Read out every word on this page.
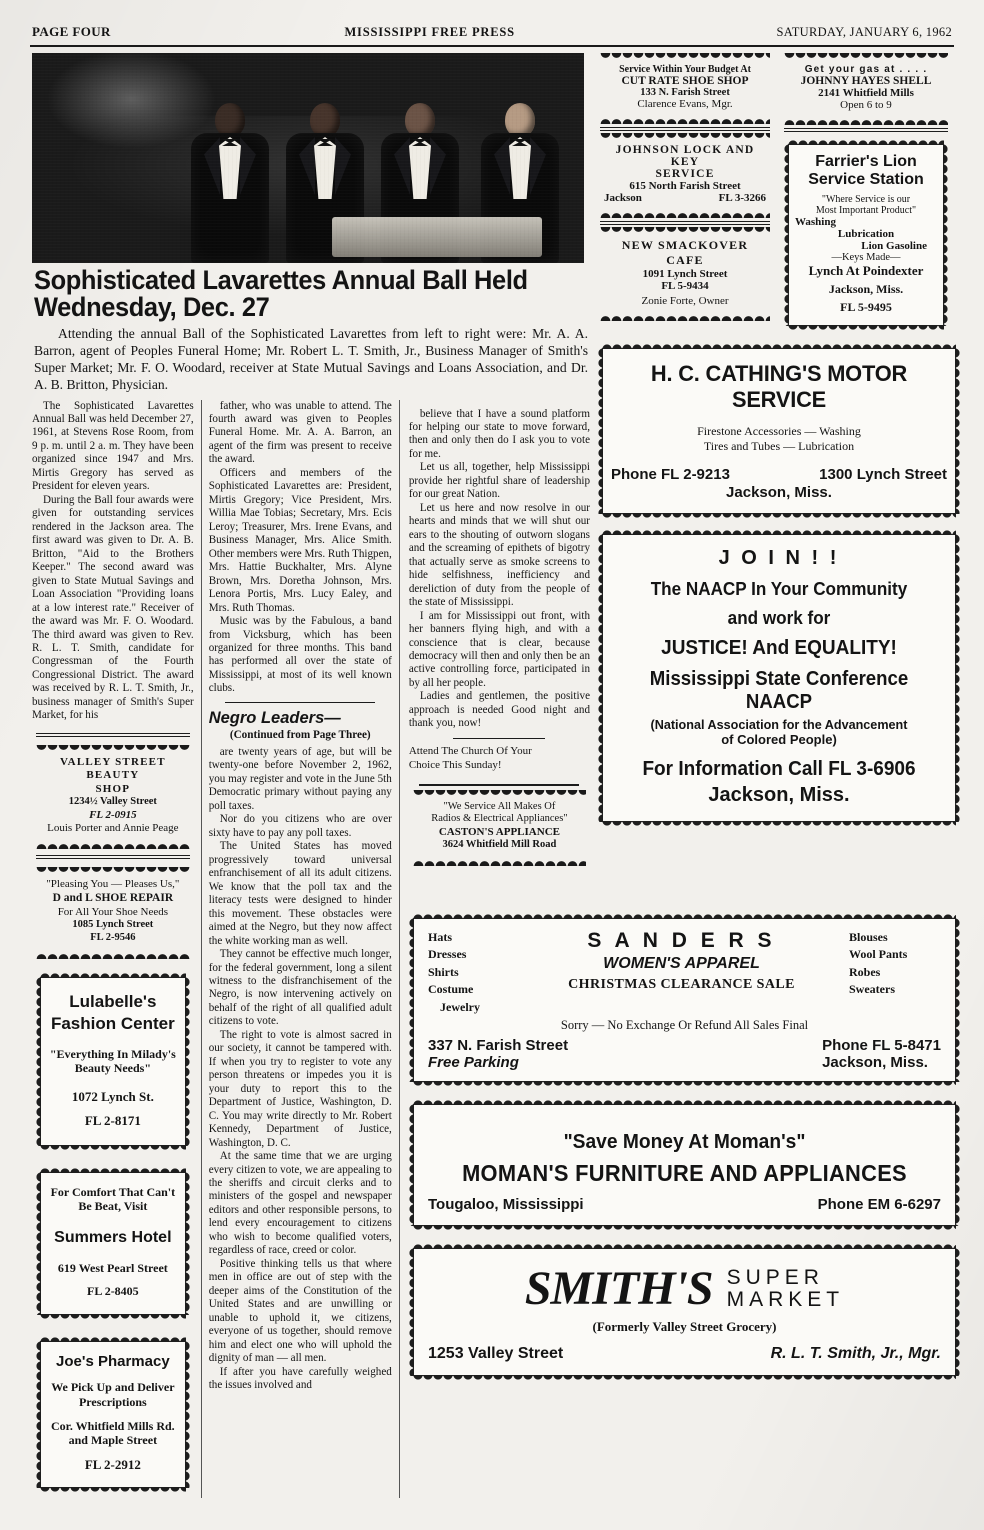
PAGE FOUR	MISSISSIPPI FREE PRESS	SATURDAY, JANUARY 6, 1962
Sophisticated Lavarettes Annual Ball Held Wednesday, Dec. 27
Attending the annual Ball of the Sophisticated Lavarettes from left to right were: Mr. A. A. Barron, agent of Peoples Funeral Home; Mr. Robert L. T. Smith, Jr., Business Manager of Smith's Super Market; Mr. F. O. Woodard, receiver at State Mutual Savings and Loans Association, and Dr. A. B. Britton, Physician.

The Sophisticated Lavarettes Annual Ball was held December 27, 1961, at Stevens Rose Room, from 9 p. m. until 2 a. m. They have been organized since 1947 and Mrs. Mirtis Gregory has served as President for eleven years.

During the Ball four awards were given for outstanding services rendered in the Jackson area. The first award was given to Dr. A. B. Britton, "Aid to the Brothers Keeper." The second award was given to State Mutual Savings and Loan Association "Providing loans at a low interest rate." Receiver of the award was Mr. F. O. Woodard. The third award was given to Rev. R. L. T. Smith, candidate for Congressman of the Fourth Congressional District. The award was received by R. L. T. Smith, Jr., business manager of Smith's Super Market, for his

VALLEY STREET BEAUTY
SHOP
1234½ Valley Street
FL 2-0915
Louis Porter and Annie Peage
"Pleasing You — Pleases Us,"
D and L SHOE REPAIR
For All Your Shoe Needs
1085 Lynch Street
FL 2-9546
Lulabelle's
Fashion Center
"Everything In Milady's
Beauty Needs"
1072 Lynch St.
FL 2-8171
For Comfort That Can't
Be Beat, Visit
Summers Hotel
619 West Pearl Street
FL 2-8405
Joe's Pharmacy
We Pick Up and Deliver
Prescriptions
Cor. Whitfield Mills Rd.
and Maple Street
FL 2-2912

father, who was unable to attend. The fourth award was given to Peoples Funeral Home. Mr. A. A. Barron, an agent of the firm was present to receive the award.

Officers and members of the Sophisticated Lavarettes are: President, Mirtis Gregory; Vice President, Mrs. Willia Mae Tobias; Secretary, Mrs. Ecis Leroy; Treasurer, Mrs. Irene Evans, and Business Manager, Mrs. Alice Smith. Other members were Mrs. Ruth Thigpen, Mrs. Hattie Buckhalter, Mrs. Alyne Brown, Mrs. Doretha Johnson, Mrs. Lenora Portis, Mrs. Lucy Ealey, and Mrs. Ruth Thomas.

Music was by the Fabulous, a band from Vicksburg, which has been organized for three months. This band has performed all over the state of Mississippi, at most of its well known clubs.

Negro Leaders—
(Continued from Page Three)

are twenty years of age, but will be twenty-one before November 2, 1962, you may register and vote in the June 5th Democratic primary without paying any poll taxes.

Nor do you citizens who are over sixty have to pay any poll taxes.

The United States has moved progressively toward universal enfranchisement of all its adult citizens. We know that the poll tax and the literacy tests were designed to hinder this movement. These obstacles were aimed at the Negro, but they now affect the white working man as well.

They cannot be effective much longer, for the federal government, long a silent witness to the disfranchisement of the Negro, is now intervening actively on behalf of the right of all qualified adult citizens to vote.

The right to vote is almost sacred in our society, it cannot be tampered with. If when you try to register to vote any person threatens or impedes you it is your duty to report this to the Department of Justice, Washington, D. C. You may write directly to Mr. Robert Kennedy, Department of Justice, Washington, D. C.

At the same time that we are urging every citizen to vote, we are appealing to the sheriffs and circuit clerks and to ministers of the gospel and newspaper editors and other responsible persons, to lend every encouragement to citizens who wish to become qualified voters, regardless of race, creed or color.

Positive thinking tells us that where men in office are out of step with the deeper aims of the Constitution of the United States and are unwilling or unable to uphold it, we citizens, everyone of us together, should remove him and elect one who will uphold the dignity of man — all men.

If after you have carefully weighed the issues involved and

believe that I have a sound platform for helping our state to move forward, then and only then do I ask you to vote for me.

Let us all, together, help Mississippi provide her rightful share of leadership for our great Nation.

Let us here and now resolve in our hearts and minds that we will shut our ears to the shouting of outworn slogans and the screaming of epithets of bigotry that actually serve as smoke screens to hide selfishness, inefficiency and dereliction of duty from the people of the state of Mississippi.

I am for Mississippi out front, with her banners flying high, and with a conscience that is clear, because democracy will then and only then be an active controlling force, participated in by all her people.

Ladies and gentlemen, the positive approach is needed Good night and thank you, now!

Attend The Church Of Your
Choice This Sunday!
"We Service All Makes Of
Radios & Electrical Appliances"
CASTON'S APPLIANCE
3624 Whitfield Mill Road
Service Within Your Budget At
CUT RATE SHOE SHOP
133 N. Farish Street
Clarence Evans, Mgr.
JOHNSON LOCK AND KEY
SERVICE
615 North Farish Street
Jackson	FL 3-3266
NEW SMACKOVER CAFE
1091 Lynch Street
FL 5-9434
Zonie Forte, Owner
Get your gas at . . . .
JOHNNY HAYES SHELL
2141 Whitfield Mills
Open 6 to 9
Farrier's Lion
Service Station
"Where Service is our
Most Important Product"
Washing
Lubrication
Lion Gasoline
—Keys Made—
Lynch At Poindexter
Jackson, Miss.
FL 5-9495
H. C. CATHING'S MOTOR SERVICE
Firestone Accessories — Washing
Tires and Tubes — Lubrication
Phone FL 2-9213	1300 Lynch Street
Jackson, Miss.
J O I N ! !
The NAACP In Your Community
and work for
JUSTICE! And EQUALITY!
Mississippi State Conference NAACP
(National Association for the Advancement
of Colored People)
For Information Call FL 3-6906
Jackson, Miss.
Hats
Dresses
Shirts
Costume
Jewelry
S A N D E R S
WOMEN'S APPAREL
CHRISTMAS CLEARANCE SALE
Blouses
Wool Pants
Robes
Sweaters
Sorry — No Exchange Or Refund All Sales Final
337 N. Farish Street
Free Parking
Phone FL 5-8471
Jackson, Miss.
"Save Money At Moman's"
MOMAN'S FURNITURE AND APPLIANCES
Tougaloo, Mississippi	Phone EM 6-6297
SMITH'S SUPER
MARKET
(Formerly Valley Street Grocery)
1253 Valley Street	R. L. T. Smith, Jr., Mgr.
